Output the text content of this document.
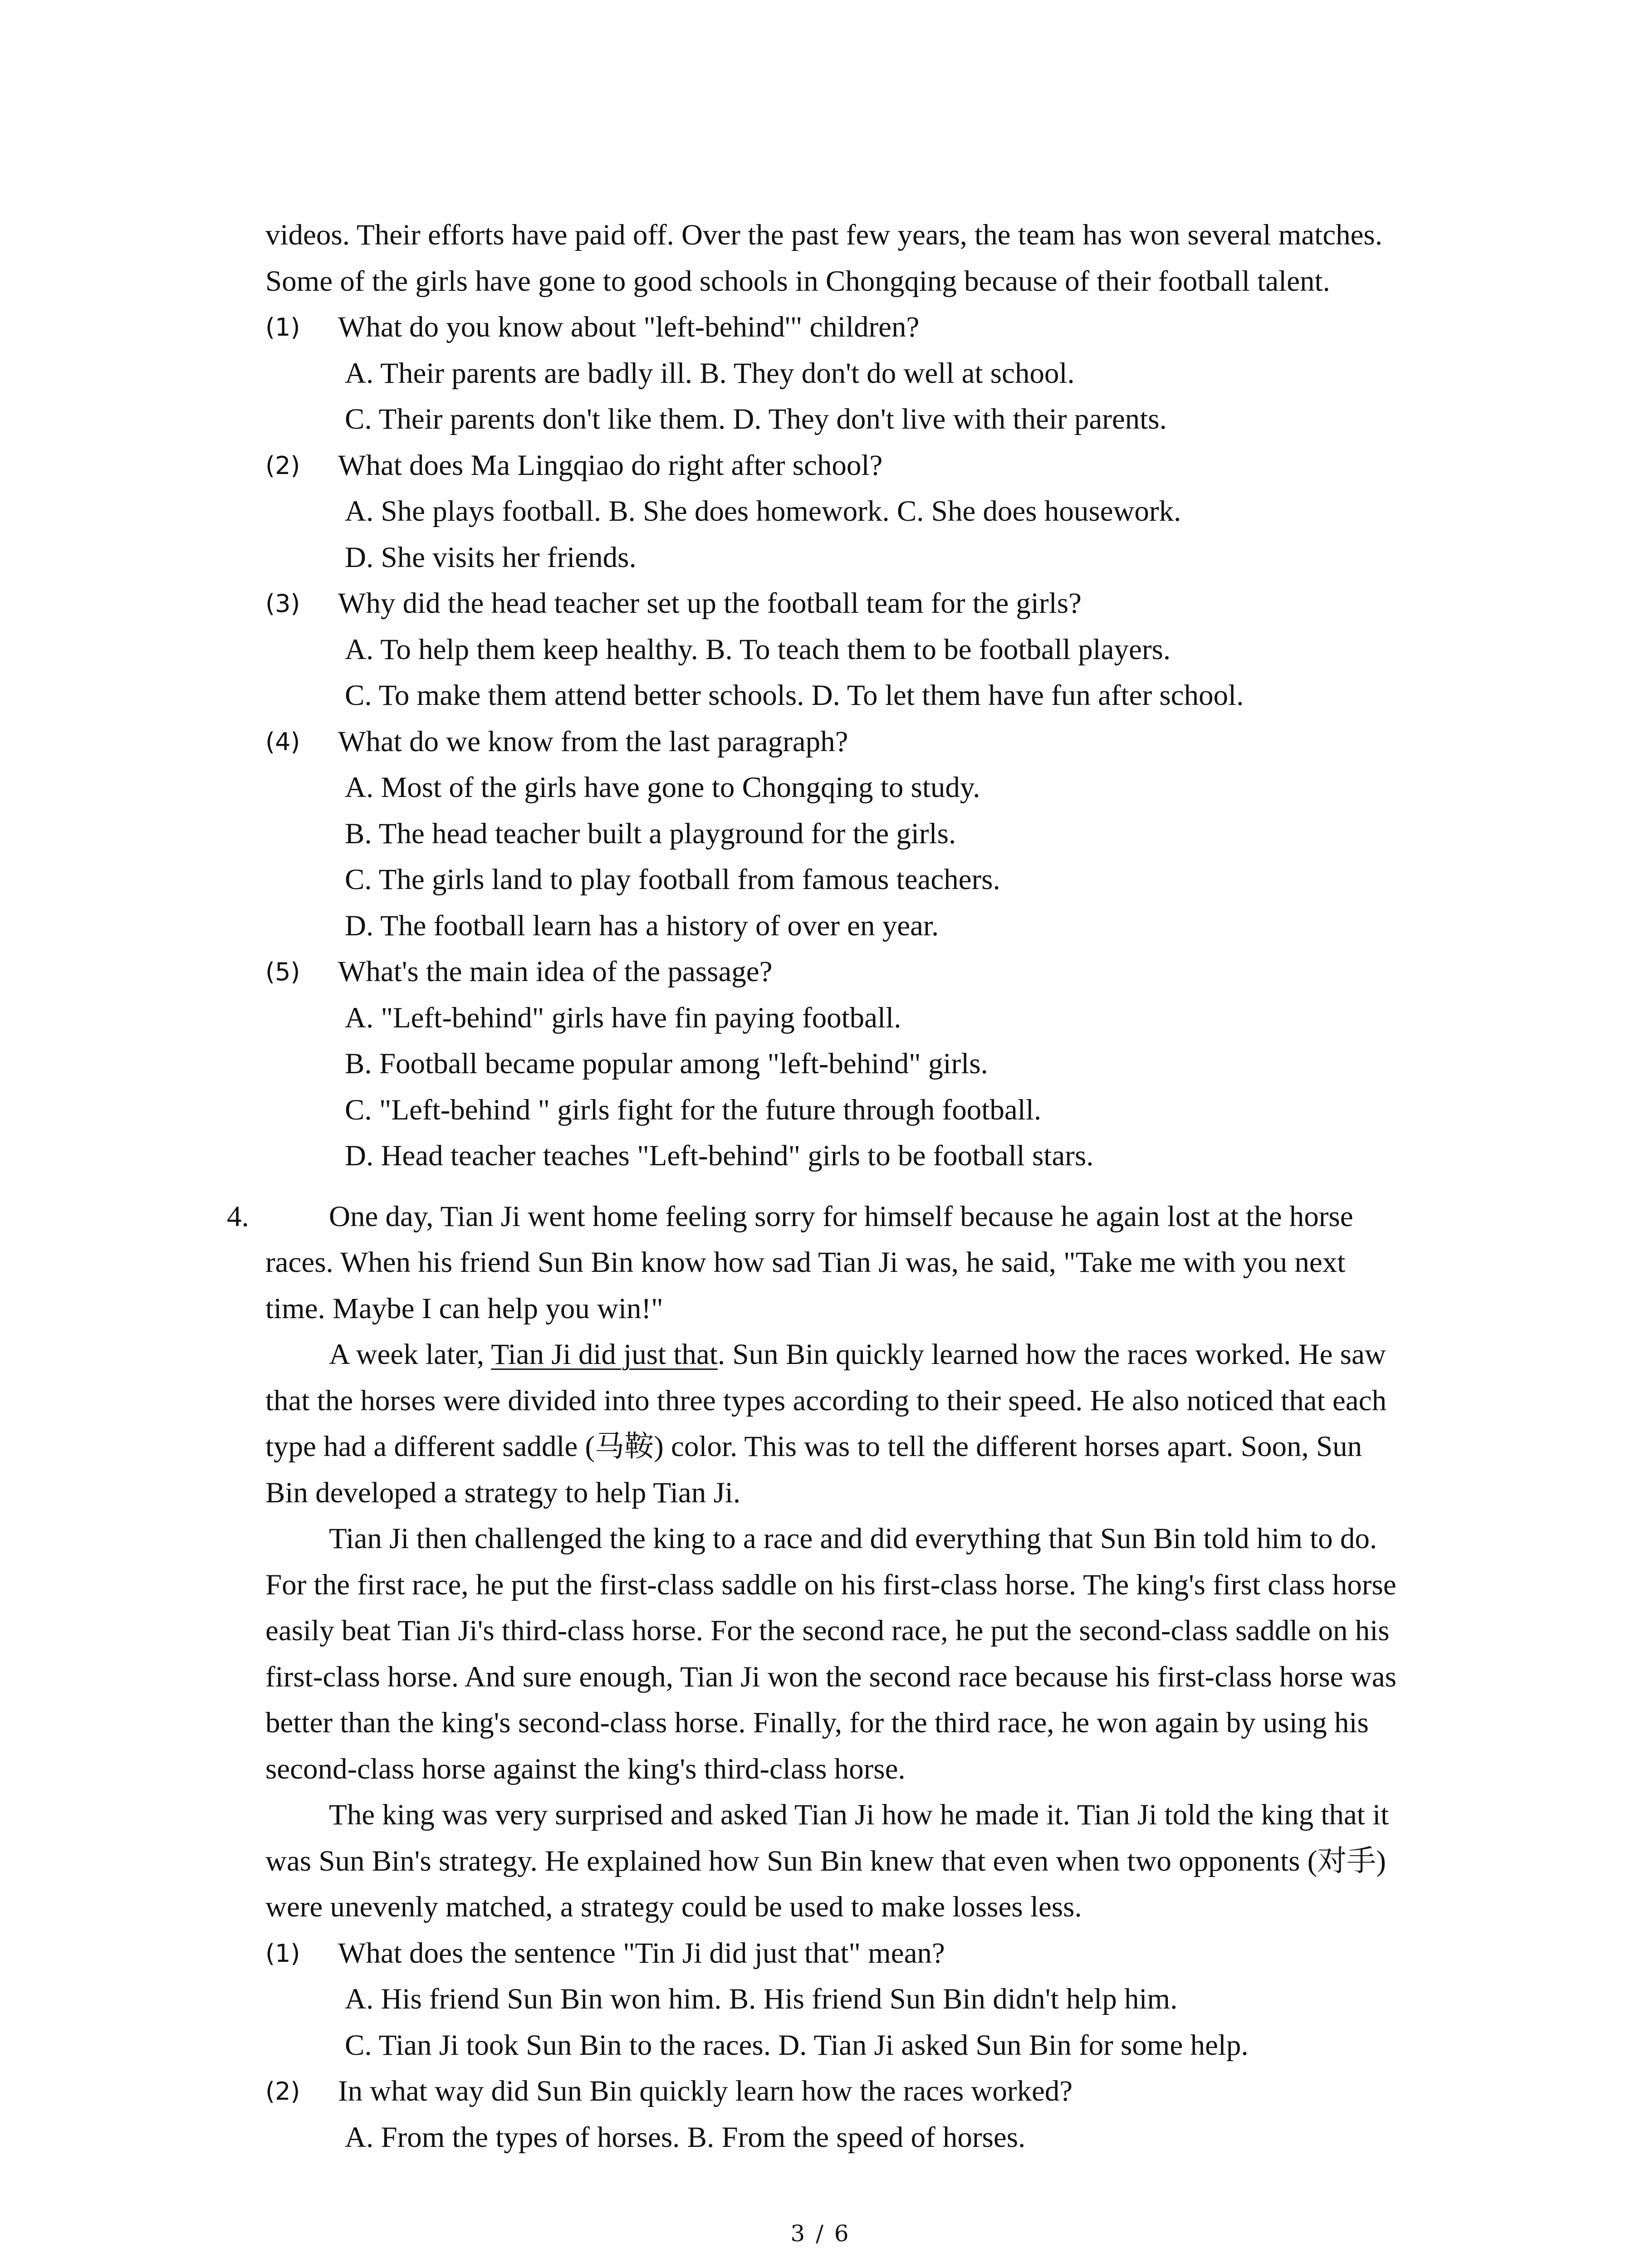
videos. Their efforts have paid off. Over the past few years, the team has won several matches.
Some of the girls have gone to good schools in Chongqing because of their football talent.
(1) What do you know about "left-behind'" children?
A. Their parents are badly ill. B. They don't do well at school.
C. Their parents don't like them. D. They don't live with their parents.
(2) What does Ma Lingqiao do right after school?
A. She plays football. B. She does homework. C. She does housework.
D. She visits her friends.
(3) Why did the head teacher set up the football team for the girls?
A. To help them keep healthy. B. To teach them to be football players.
C. To make them attend better schools. D. To let them have fun after school.
(4) What do we know from the last paragraph?
A. Most of the girls have gone to Chongqing to study.
B. The head teacher built a playground for the girls.
C. The girls land to play football from famous teachers.
D. The football learn has a history of over en year.
(5) What's the main idea of the passage?
A. "Left-behind" girls have fin paying football.
B. Football became popular among "left-behind" girls.
C. "Left-behind " girls fight for the future through football.
D. Head teacher teaches "Left-behind" girls to be football stars.
4.	One day, Tian Ji went home feeling sorry for himself because he again lost at the horse
races. When his friend Sun Bin know how sad Tian Ji was, he said, "Take me with you next
time. Maybe I can help you win!"
A week later, Tian Ji did just that. Sun Bin quickly learned how the races worked. He saw
that the horses were divided into three types according to their speed. He also noticed that each
type had a different saddle (马鞍) color. This was to tell the different horses apart. Soon, Sun
Bin developed a strategy to help Tian Ji.
Tian Ji then challenged the king to a race and did everything that Sun Bin told him to do.
For the first race, he put the first-class saddle on his first-class horse. The king's first class horse
easily beat Tian Ji's third-class horse. For the second race, he put the second-class saddle on his
first-class horse. And sure enough, Tian Ji won the second race because his first-class horse was
better than the king's second-class horse. Finally, for the third race, he won again by using his
second-class horse against the king's third-class horse.
The king was very surprised and asked Tian Ji how he made it. Tian Ji told the king that it
was Sun Bin's strategy. He explained how Sun Bin knew that even when two opponents (对手)
were unevenly matched, a strategy could be used to make losses less.
(1) What does the sentence "Tin Ji did just that" mean?
A. His friend Sun Bin won him. B. His friend Sun Bin didn't help him.
C. Tian Ji took Sun Bin to the races. D. Tian Ji asked Sun Bin for some help.
(2) In what way did Sun Bin quickly learn how the races worked?
A. From the types of horses. B. From the speed of horses.
3 / 6
